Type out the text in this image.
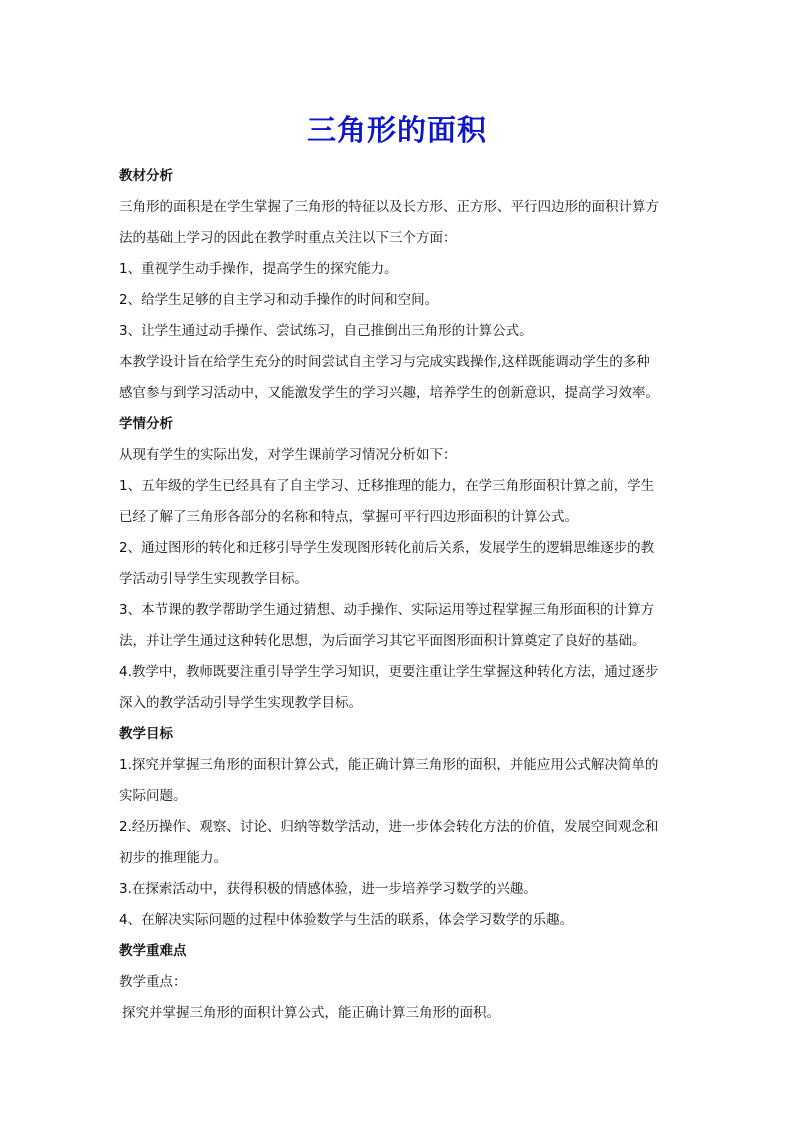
三角形的面积
教材分析
三角形的面积是在学生掌握了三角形的特征以及长方形、正方形、平行四边形的面积计算方
法的基础上学习的因此在教学时重点关注以下三个方面：
1、重视学生动手操作，提高学生的探究能力。
2、给学生足够的自主学习和动手操作的时间和空间。
3、让学生通过动手操作、尝试练习，自己推倒出三角形的计算公式。
本教学设计旨在给学生充分的时间尝试自主学习与完成实践操作,这样既能调动学生的多种
感官参与到学习活动中，又能激发学生的学习兴趣，培养学生的创新意识，提高学习效率。
学情分析
从现有学生的实际出发，对学生课前学习情况分析如下：
1、五年级的学生已经具有了自主学习、迁移推理的能力，在学三角形面积计算之前，学生
已经了解了三角形各部分的名称和特点，掌握可平行四边形面积的计算公式。
2、通过图形的转化和迁移引导学生发现图形转化前后关系，发展学生的逻辑思维逐步的教
学活动引导学生实现教学目标。
3、本节课的教学帮助学生通过猜想、动手操作、实际运用等过程掌握三角形面积的计算方
法，并让学生通过这种转化思想，为后面学习其它平面图形面积计算奠定了良好的基础。
4.教学中，教师既要注重引导学生学习知识，更要注重让学生掌握这种转化方法，通过逐步
深入的教学活动引导学生实现教学目标。
教学目标
1.探究并掌握三角形的面积计算公式，能正确计算三角形的面积，并能应用公式解决简单的
实际问题。
2.经历操作、观察、讨论、归纳等数学活动，进一步体会转化方法的价值，发展空间观念和
初步的推理能力。
3.在探索活动中，获得积极的情感体验，进一步培养学习数学的兴趣。
4、在解决实际问题的过程中体验数学与生活的联系，体会学习数学的乐趣。
教学重难点
教学重点：
探究并掌握三角形的面积计算公式，能正确计算三角形的面积。
